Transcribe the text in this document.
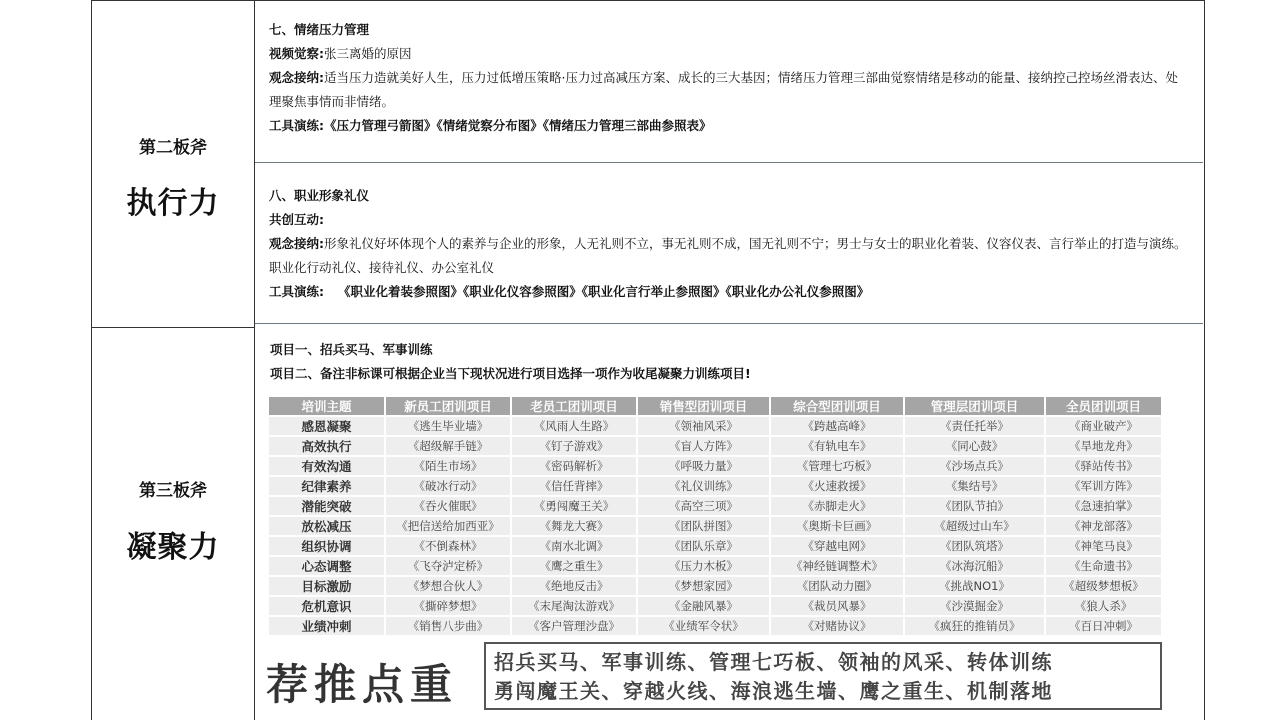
第二板斧
执行力
第三板斧
凝聚力
七、情绪压力管理
视频觉察:张三离婚的原因
观念接纳:适当压力造就美好人生，压力过低增压策略·压力过高减压方案、成长的三大基因；情绪压力管理三部曲觉察情绪是移动的能量、接纳控己控场丝滑表达、处理聚焦事情而非情绪。
工具演练:《压力管理弓箭图》《情绪觉察分布图》《情绪压力管理三部曲参照表》
八、职业形象礼仪
共创互动:
观念接纳:形象礼仪好坏体现个人的素养与企业的形象，人无礼则不立，事无礼则不成，国无礼则不宁；男士与女士的职业化着装、仪容仪表、言行举止的打造与演练。职业化行动礼仪、接待礼仪、办公室礼仪
工具演练: 《职业化着装参照图》《职业化仪容参照图》《职业化言行举止参照图》《职业化办公礼仪参照图》
项目一、招兵买马、军事训练
项目二、备注非标课可根据企业当下现状况进行项目选择一项作为收尾凝聚力训练项目!
培训主题	新员工团训项目	老员工团训项目	销售型团训项目	综合型团训项目	管理层团训项目	全员团训项目
感恩凝聚	《逃生毕业墙》	《风雨人生路》	《领袖风采》	《跨越高峰》	《责任托举》	《商业破产》
高效执行	《超级解手链》	《钉子游戏》	《盲人方阵》	《有轨电车》	《同心鼓》	《旱地龙舟》
有效沟通	《陌生市场》	《密码解析》	《呼吸力量》	《管理七巧板》	《沙场点兵》	《驿站传书》
纪律素养	《破冰行动》	《信任背摔》	《礼仪训练》	《火速救援》	《集结号》	《军训方阵》
潜能突破	《吞火催眠》	《勇闯魔王关》	《高空三项》	《赤脚走火》	《团队节拍》	《急速拍掌》
放松减压	《把信送给加西亚》	《舞龙大赛》	《团队拼图》	《奥斯卡巨画》	《超级过山车》	《神龙部落》
组织协调	《不倒森林》	《南水北调》	《团队乐章》	《穿越电网》	《团队筑塔》	《神笔马良》
心态调整	《飞夺泸定桥》	《鹰之重生》	《压力木板》	《神经链调整术》	《冰海沉船》	《生命遗书》
目标激励	《梦想合伙人》	《绝地反击》	《梦想家园》	《团队动力圈》	《挑战NO1》	《超级梦想板》
危机意识	《撕碎梦想》	《末尾淘汰游戏》	《金融风暴》	《裁员风暴》	《沙漠掘金》	《狼人杀》
业绩冲刺	《销售八步曲》	《客户管理沙盘》	《业绩军令状》	《对赌协议》	《疯狂的推销员》	《百日冲刺》
荐推点重 招兵买马、军事训练、管理七巧板、领袖的风采、转体训练
勇闯魔王关、穿越火线、海浪逃生墙、鹰之重生、机制落地
